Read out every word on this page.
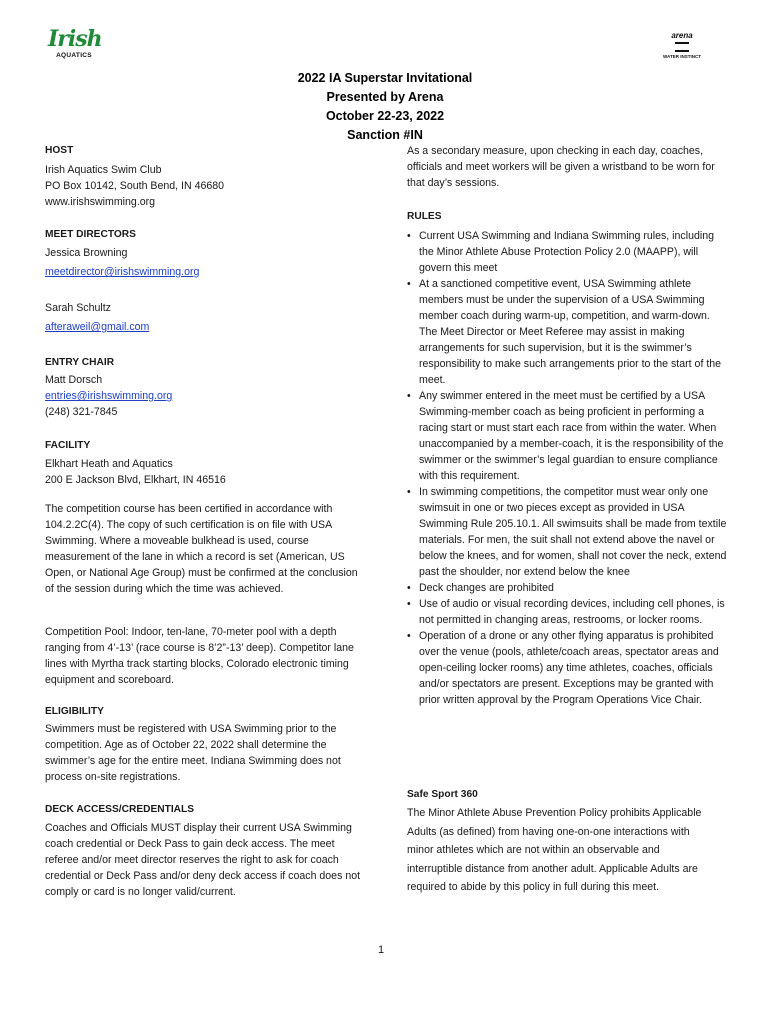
Irish
AQUATICS
arena
WATER INSTINCT
2022 IA Superstar Invitational
Presented by Arena
October 22-23, 2022
Sanction #IN

HOST

Irish Aquatics Swim Club

PO Box 10142, South Bend, IN 46680

www.irishswimming.org

MEET DIRECTORS

Jessica Browning

meetdirector@irishswimming.org

Sarah Schultz

afteraweil@gmail.com

ENTRY CHAIR

Matt Dorsch

entries@irishswimming.org

(248) 321-7845

FACILITY

Elkhart Heath and Aquatics

200 E Jackson Blvd, Elkhart, IN 46516

The competition course has been certified in accordance with 104.2.2C(4). The copy of such certification is on file with USA Swimming. Where a moveable bulkhead is used, course measurement of the lane in which a record is set (American, US Open, or National Age Group) must be confirmed at the conclusion of the session during which the time was achieved.

Competition Pool: Indoor, ten-lane, 70-meter pool with a depth ranging from 4’-13’ (race course is 8’2”-13’ deep). Competitor lane lines with Myrtha track starting blocks, Colorado electronic timing equipment and scoreboard.

ELIGIBILITY

Swimmers must be registered with USA Swimming prior to the competition. Age as of October 22, 2022 shall determine the swimmer’s age for the entire meet. Indiana Swimming does not process on-site registrations.

DECK ACCESS/CREDENTIALS

Coaches and Officials MUST display their current USA Swimming coach credential or Deck Pass to gain deck access. The meet referee and/or meet director reserves the right to ask for coach credential or Deck Pass and/or deny deck access if coach does not comply or card is no longer valid/current.

As a secondary measure, upon checking in each day, coaches, officials and meet workers will be given a wristband to be worn for that day’s sessions.

RULES

• Current USA Swimming and Indiana Swimming rules, including the Minor Athlete Abuse Protection Policy 2.0 (MAAPP), will govern this meet
• At a sanctioned competitive event, USA Swimming athlete members must be under the supervision of a USA Swimming member coach during warm-up, competition, and warm-down. The Meet Director or Meet Referee may assist in making arrangements for such supervision, but it is the swimmer’s responsibility to make such arrangements prior to the start of the meet.
• Any swimmer entered in the meet must be certified by a USA Swimming-member coach as being proficient in performing a racing start or must start each race from within the water. When unaccompanied by a member-coach, it is the responsibility of the swimmer or the swimmer’s legal guardian to ensure compliance with this requirement.
• In swimming competitions, the competitor must wear only one swimsuit in one or two pieces except as provided in USA Swimming Rule 205.10.1. All swimsuits shall be made from textile materials. For men, the suit shall not extend above the navel or below the knees, and for women, shall not cover the neck, extend past the shoulder, nor extend below the knee
• Deck changes are prohibited
• Use of audio or visual recording devices, including cell phones, is not permitted in changing areas, restrooms, or locker rooms.
• Operation of a drone or any other flying apparatus is prohibited over the venue (pools, athlete/coach areas, spectator areas and open-ceiling locker rooms) any time athletes, coaches, officials and/or spectators are present. Exceptions may be granted with prior written approval by the Program Operations Vice Chair.

Safe Sport 360

The Minor Athlete Abuse Prevention Policy prohibits Applicable Adults (as defined) from having one-on-one interactions with minor athletes which are not within an observable and interruptible distance from another adult. Applicable Adults are required to abide by this policy in full during this meet.

1
